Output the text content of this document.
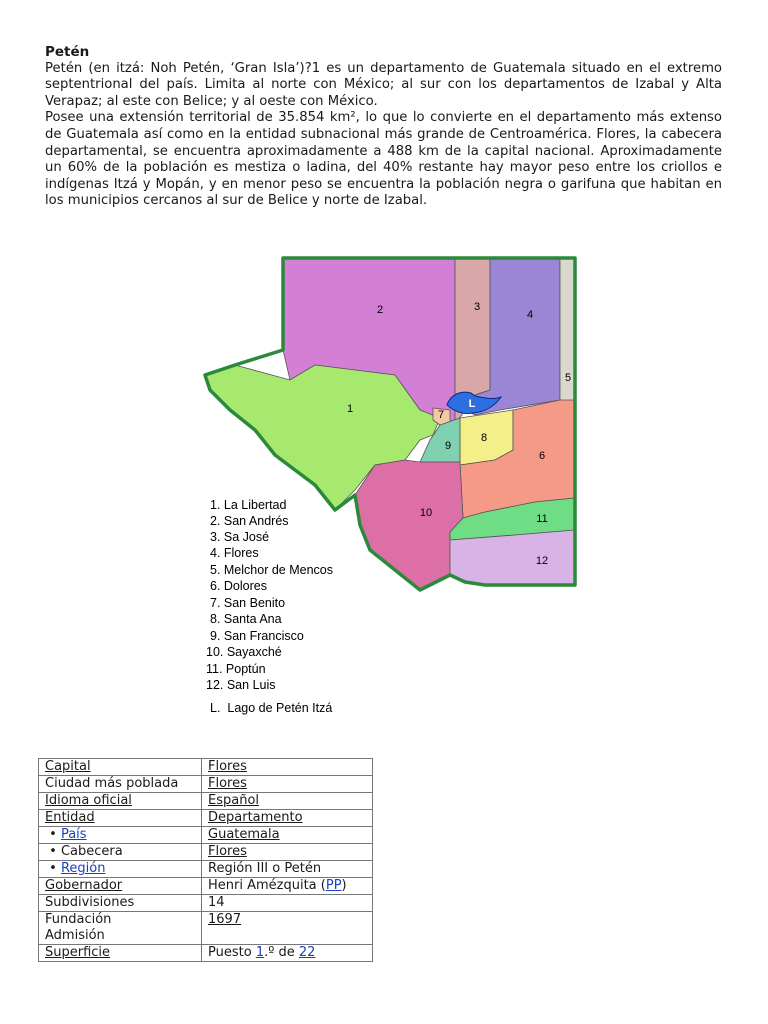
Petén

Petén (en itzá: Noh Petén, ‘Gran Isla’)?1 es un departamento de Guatemala situado en el extremo septentrional del país. Limita al norte con México; al sur con los departamentos de Izabal y Alta Verapaz; al este con Belice; y al oeste con México.

Posee una extensión territorial de 35.854 km², lo que lo convierte en el departamento más extenso de Guatemala así como en la entidad subnacional más grande de Centroamérica. Flores, la cabecera departamental, se encuentra aproximadamente a 488 km de la capital nacional. Aproximadamente un 60% de la población es mestiza o ladina, del 40% restante hay mayor peso entre los criollos e indígenas Itzá y Mopán, y en menor peso se encuentra la población negra o garifuna que habitan en los municipios cercanos al sur de Belice y norte de Izabal.

1
2	3
4
5
6
7
8
9
10	11
12
L
1. La Libertad
2. San Andrés
3. Sa José
4. Flores
5. Melchor de Mencos
6. Dolores
7. San Benito
8. Santa Ana
9. San Francisco
10. Sayaxché
11. Poptún
12. San Luis
L.  Lago de Petén Itzá
Capital	Flores
Ciudad más poblada	Flores
Idioma oficial	Español
Entidad	Departamento
• País	Guatemala
• Cabecera	Flores
• Región	Región III o Petén
Gobernador	Henri Amézquita (PP)
Subdivisiones	14

Fundación
Admisión	1697
Superficie	Puesto 1.º de 22
